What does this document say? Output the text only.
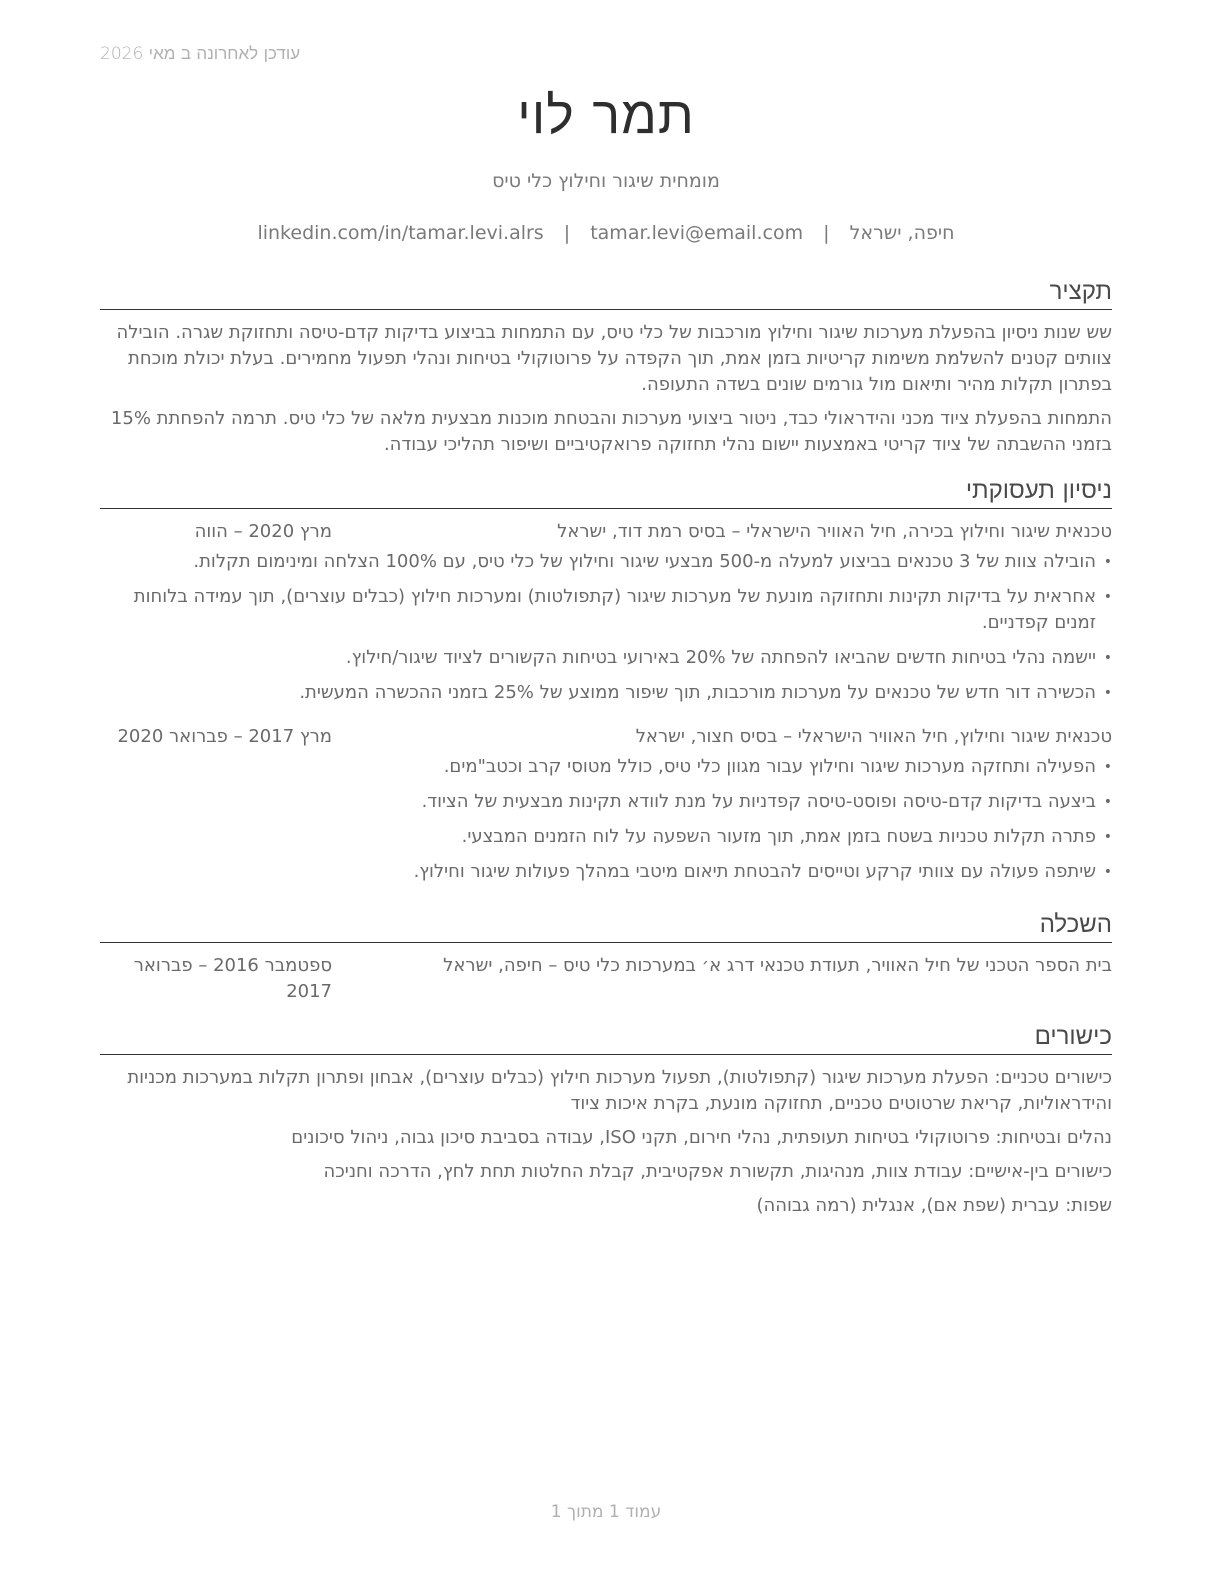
עודכן לאחרונה ב מאי 2026
תמר לוי
מומחית שיגור וחילוץ כלי טיס
חיפה, ישראל | tamar.levi@email.com | linkedin.com/in/tamar.levi.alrs
תקציר

שש שנות ניסיון בהפעלת מערכות שיגור וחילוץ מורכבות של כלי טיס, עם התמחות בביצוע בדיקות קדם-טיסה ותחזוקת שגרה. הובילה צוותים קטנים להשלמת משימות קריטיות בזמן אמת, תוך הקפדה על פרוטוקולי בטיחות ונהלי תפעול מחמירים. בעלת יכולת מוכחת בפתרון תקלות מהיר ותיאום מול גורמים שונים בשדה התעופה.

התמחות בהפעלת ציוד מכני והידראולי כבד, ניטור ביצועי מערכות והבטחת מוכנות מבצעית מלאה של כלי טיס. תרמה להפחתת 15% בזמני ההשבתה של ציוד קריטי באמצעות יישום נהלי תחזוקה פרואקטיביים ושיפור תהליכי עבודה.

ניסיון תעסוקתי
טכנאית שיגור וחילוץ בכירה, חיל האוויר הישראלי – בסיס רמת דוד, ישראל
מרץ 2020 – הווה
•
הובילה צוות של 3 טכנאים בביצוע למעלה מ-500 מבצעי שיגור וחילוץ של כלי טיס, עם 100% הצלחה ומינימום תקלות.
•
אחראית על בדיקות תקינות ותחזוקה מונעת של מערכות שיגור (קתפולטות) ומערכות חילוץ (כבלים עוצרים), תוך עמידה בלוחות זמנים קפדניים.
•
יישמה נהלי בטיחות חדשים שהביאו להפחתה של 20% באירועי בטיחות הקשורים לציוד שיגור/חילוץ.
•
הכשירה דור חדש של טכנאים על מערכות מורכבות, תוך שיפור ממוצע של 25% בזמני ההכשרה המעשית.
טכנאית שיגור וחילוץ, חיל האוויר הישראלי – בסיס חצור, ישראל
מרץ 2017 – פברואר 2020
•
הפעילה ותחזקה מערכות שיגור וחילוץ עבור מגוון כלי טיס, כולל מטוסי קרב וכטב"מים.
•
ביצעה בדיקות קדם-טיסה ופוסט-טיסה קפדניות על מנת לוודא תקינות מבצעית של הציוד.
•
פתרה תקלות טכניות בשטח בזמן אמת, תוך מזעור השפעה על לוח הזמנים המבצעי.
•
שיתפה פעולה עם צוותי קרקע וטייסים להבטחת תיאום מיטבי במהלך פעולות שיגור וחילוץ.
השכלה
בית הספר הטכני של חיל האוויר, תעודת טכנאי דרג א׳ במערכות כלי טיס – חיפה, ישראל
ספטמבר 2016 – פברואר 2017
כישורים

כישורים טכניים: הפעלת מערכות שיגור (קתפולטות), תפעול מערכות חילוץ (כבלים עוצרים), אבחון ופתרון תקלות במערכות מכניות והידראוליות, קריאת שרטוטים טכניים, תחזוקה מונעת, בקרת איכות ציוד

נהלים ובטיחות: פרוטוקולי בטיחות תעופתית, נהלי חירום, תקני ISO, עבודה בסביבת סיכון גבוה, ניהול סיכונים

כישורים בין-אישיים: עבודת צוות, מנהיגות, תקשורת אפקטיבית, קבלת החלטות תחת לחץ, הדרכה וחניכה

שפות: עברית (שפת אם), אנגלית (רמה גבוהה)

עמוד 1 מתוך 1
